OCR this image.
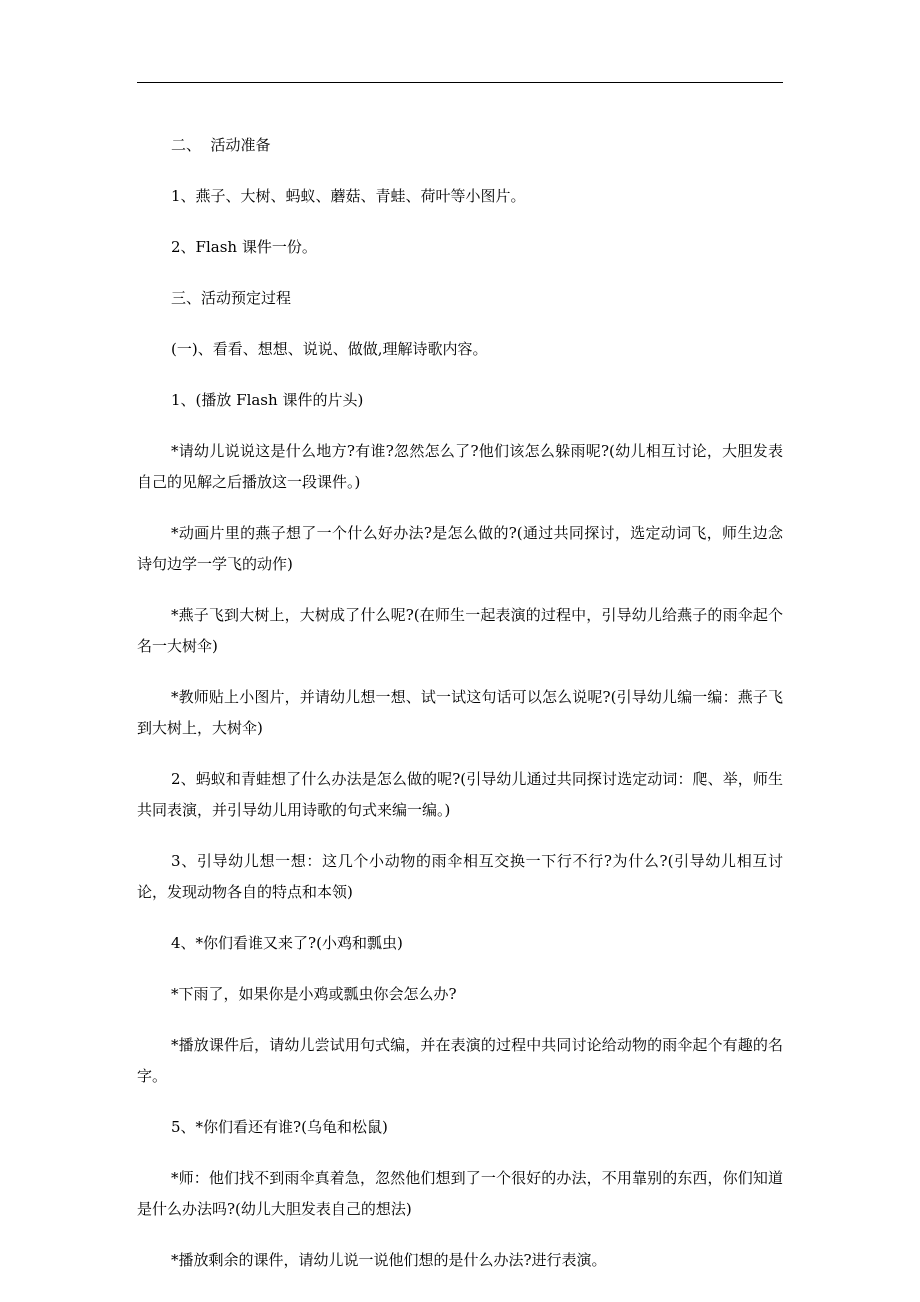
二、  活动准备

1、燕子、大树、蚂蚁、蘑菇、青蛙、荷叶等小图片。

2、Flash 课件一份。

三、活动预定过程

(一)、看看、想想、说说、做做,理解诗歌内容。

1、(播放 Flash 课件的片头)

*请幼儿说说这是什么地方?有谁?忽然怎么了?他们该怎么躲雨呢?(幼儿相互讨论，大胆发表自己的见解之后播放这一段课件。)

*动画片里的燕子想了一个什么好办法?是怎么做的?(通过共同探讨，选定动词飞，师生边念诗句边学一学飞的动作)

*燕子飞到大树上，大树成了什么呢?(在师生一起表演的过程中，引导幼儿给燕子的雨伞起个名一大树伞)

*教师贴上小图片，并请幼儿想一想、试一试这句话可以怎么说呢?(引导幼儿编一编：燕子飞到大树上，大树伞)

2、蚂蚁和青蛙想了什么办法是怎么做的呢?(引导幼儿通过共同探讨选定动词：爬、举，师生共同表演，并引导幼儿用诗歌的句式来编一编。)

3、引导幼儿想一想：这几个小动物的雨伞相互交换一下行不行?为什么?(引导幼儿相互讨论，发现动物各自的特点和本领)

4、*你们看谁又来了?(小鸡和瓢虫)

*下雨了，如果你是小鸡或瓢虫你会怎么办?

*播放课件后，请幼儿尝试用句式编，并在表演的过程中共同讨论给动物的雨伞起个有趣的名字。

5、*你们看还有谁?(乌龟和松鼠)

*师：他们找不到雨伞真着急，忽然他们想到了一个很好的办法，不用靠别的东西，你们知道是什么办法吗?(幼儿大胆发表自己的想法)

*播放剩余的课件，请幼儿说一说他们想的是什么办法?进行表演。
